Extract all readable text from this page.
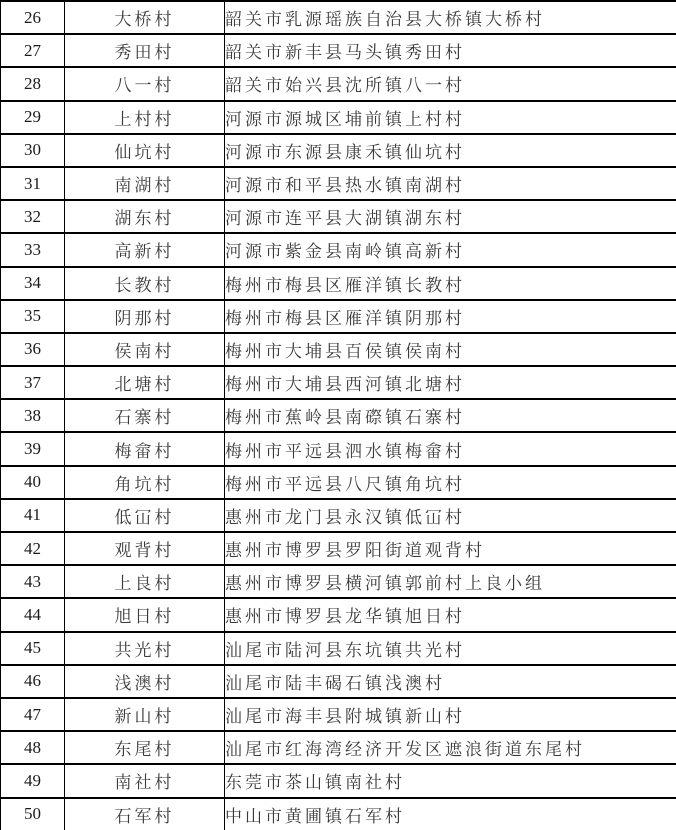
26	大桥村	韶关市乳源瑶族自治县大桥镇大桥村
27	秀田村	韶关市新丰县马头镇秀田村
28	八一村	韶关市始兴县沈所镇八一村
29	上村村	河源市源城区埔前镇上村村
30	仙坑村	河源市东源县康禾镇仙坑村
31	南湖村	河源市和平县热水镇南湖村
32	湖东村	河源市连平县大湖镇湖东村
33	高新村	河源市紫金县南岭镇高新村
34	长教村	梅州市梅县区雁洋镇长教村
35	阴那村	梅州市梅县区雁洋镇阴那村
36	侯南村	梅州市大埔县百侯镇侯南村
37	北塘村	梅州市大埔县西河镇北塘村
38	石寨村	梅州市蕉岭县南磜镇石寨村
39	梅畲村	梅州市平远县泗水镇梅畲村
40	角坑村	梅州市平远县八尺镇角坑村
41	低冚村	惠州市龙门县永汉镇低冚村
42	观背村	惠州市博罗县罗阳街道观背村
43	上良村	惠州市博罗县横河镇郭前村上良小组
44	旭日村	惠州市博罗县龙华镇旭日村
45	共光村	汕尾市陆河县东坑镇共光村
46	浅澳村	汕尾市陆丰碣石镇浅澳村
47	新山村	汕尾市海丰县附城镇新山村
48	东尾村	汕尾市红海湾经济开发区遮浪街道东尾村
49	南社村	东莞市茶山镇南社村
50	石军村	中山市黄圃镇石军村
